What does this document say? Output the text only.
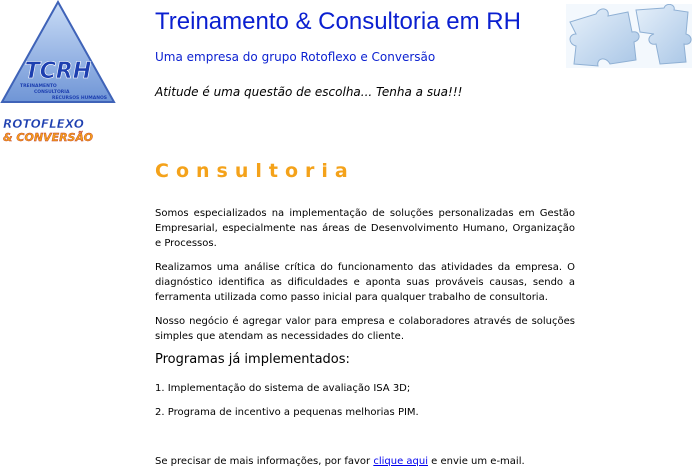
TCRH
TREINAMENTO
CONSULTORIA
RECURSOS HUMANOS
ROTOFLEXO
& CONVERSÃO
Treinamento & Consultoria em RH
Uma empresa do grupo Rotoflexo e Conversão
Atitude é uma questão de escolha... Tenha a sua!!!
Consultoria
Somos especializados na implementação de soluções personalizadas em Gestão Empresarial, especialmente nas áreas de Desenvolvimento Humano, Organização e Processos.
Realizamos uma análise crítica do funcionamento das atividades da empresa. O diagnóstico identifica as dificuldades e aponta suas prováveis causas, sendo a ferramenta utilizada como passo inicial para qualquer trabalho de consultoria.
Nosso negócio é agregar valor para empresa e colaboradores através de soluções simples que atendam as necessidades do cliente.
Programas já implementados:
1. Implementação do sistema de avaliação ISA 3D;
2. Programa de incentivo a pequenas melhorias PIM.
Se precisar de mais informações, por favor clique aqui e envie um e-mail.
